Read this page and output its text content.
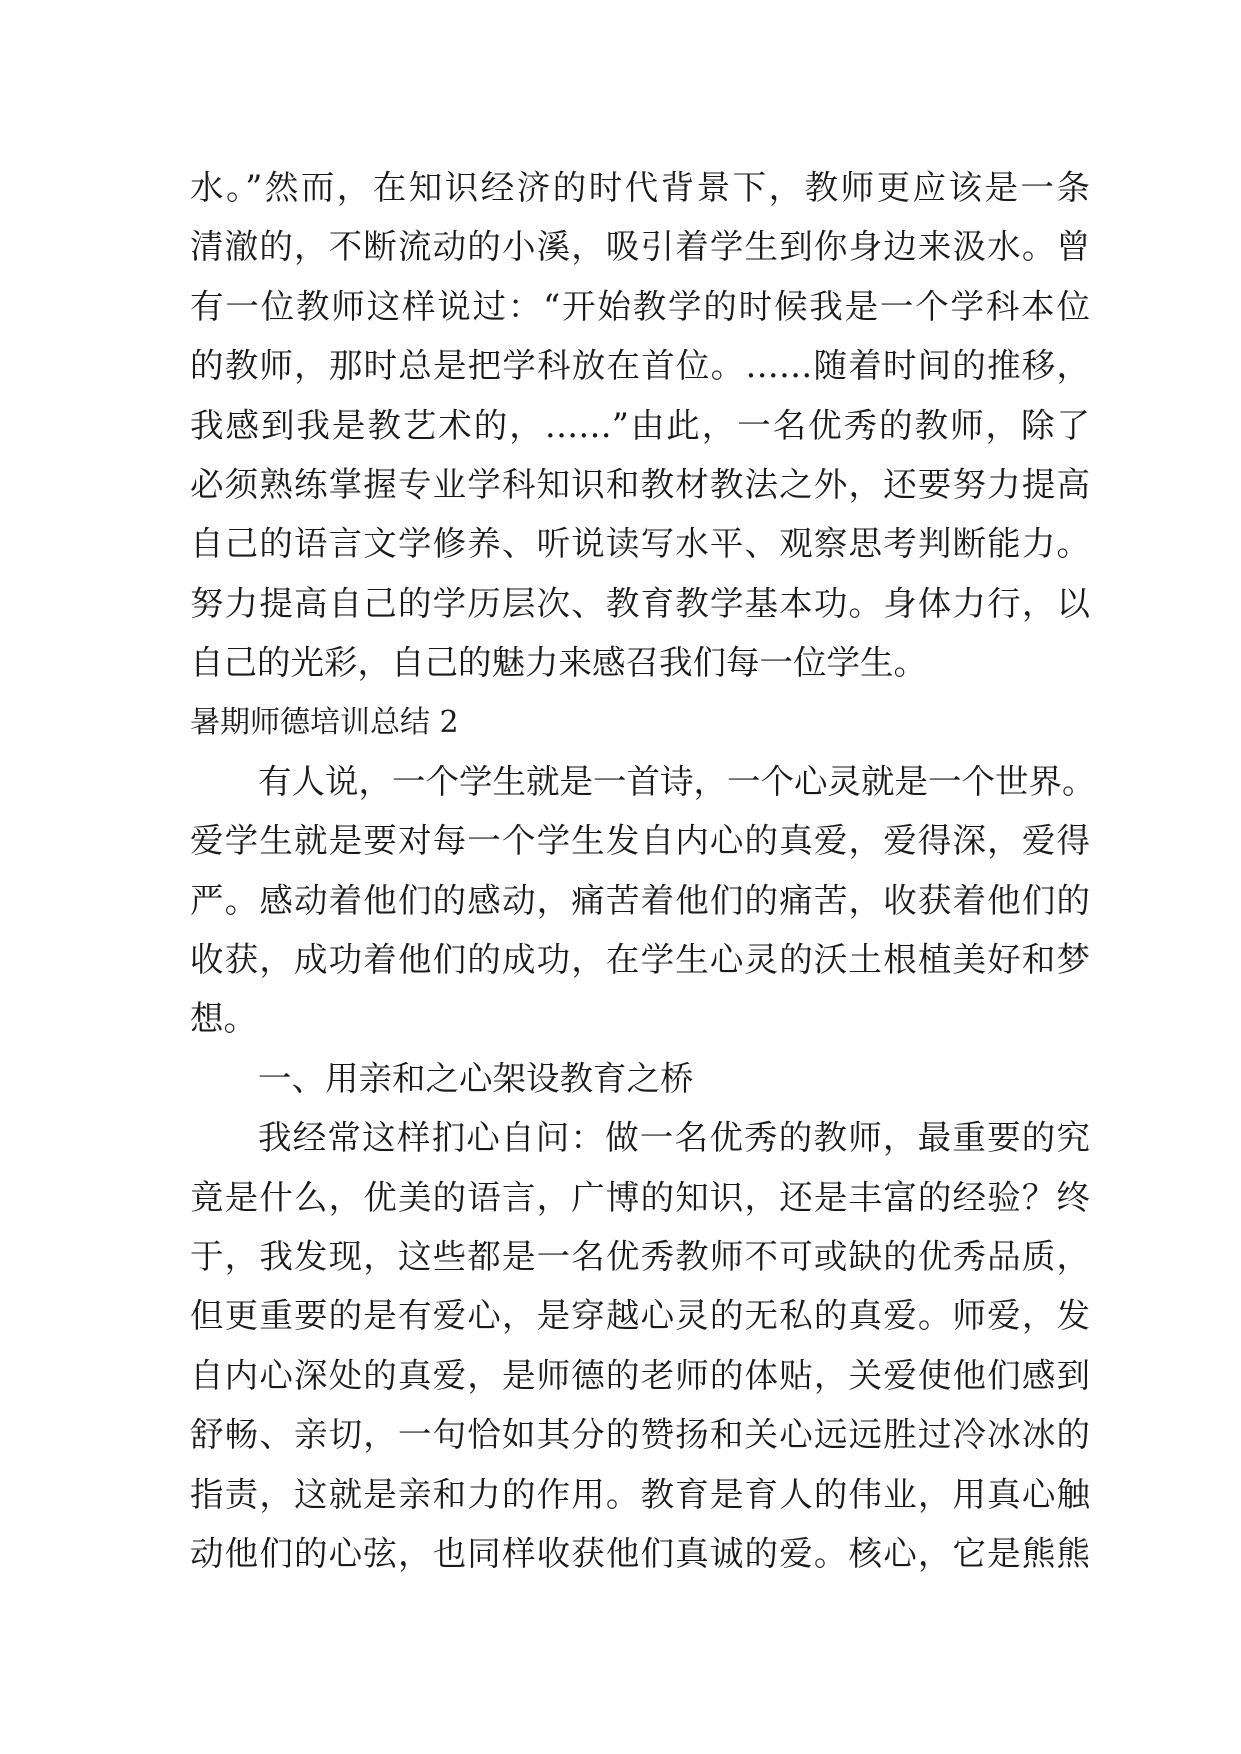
水。”然而，在知识经济的时代背景下，教师更应该是一条
清澈的，不断流动的小溪，吸引着学生到你身边来汲水。曾
有一位教师这样说过：“开始教学的时候我是一个学科本位
的教师，那时总是把学科放在首位。……随着时间的推移，
我感到我是教艺术的，……”由此，一名优秀的教师，除了
必须熟练掌握专业学科知识和教材教法之外，还要努力提高
自己的语言文学修养、听说读写水平、观察思考判断能力。
努力提高自己的学历层次、教育教学基本功。身体力行，以
自己的光彩，自己的魅力来感召我们每一位学生。
暑期师德培训总结 2
有人说，一个学生就是一首诗，一个心灵就是一个世界。
爱学生就是要对每一个学生发自内心的真爱，爱得深，爱得
严。感动着他们的感动，痛苦着他们的痛苦，收获着他们的
收获，成功着他们的成功，在学生心灵的沃土根植美好和梦
想。
一、用亲和之心架设教育之桥
我经常这样扪心自问：做一名优秀的教师，最重要的究
竟是什么，优美的语言，广博的知识，还是丰富的经验？终
于，我发现，这些都是一名优秀教师不可或缺的优秀品质，
但更重要的是有爱心，是穿越心灵的无私的真爱。师爱，发
自内心深处的真爱，是师德的老师的体贴，关爱使他们感到
舒畅、亲切，一句恰如其分的赞扬和关心远远胜过冷冰冰的
指责，这就是亲和力的作用。教育是育人的伟业，用真心触
动他们的心弦，也同样收获他们真诚的爱。核心，它是熊熊
